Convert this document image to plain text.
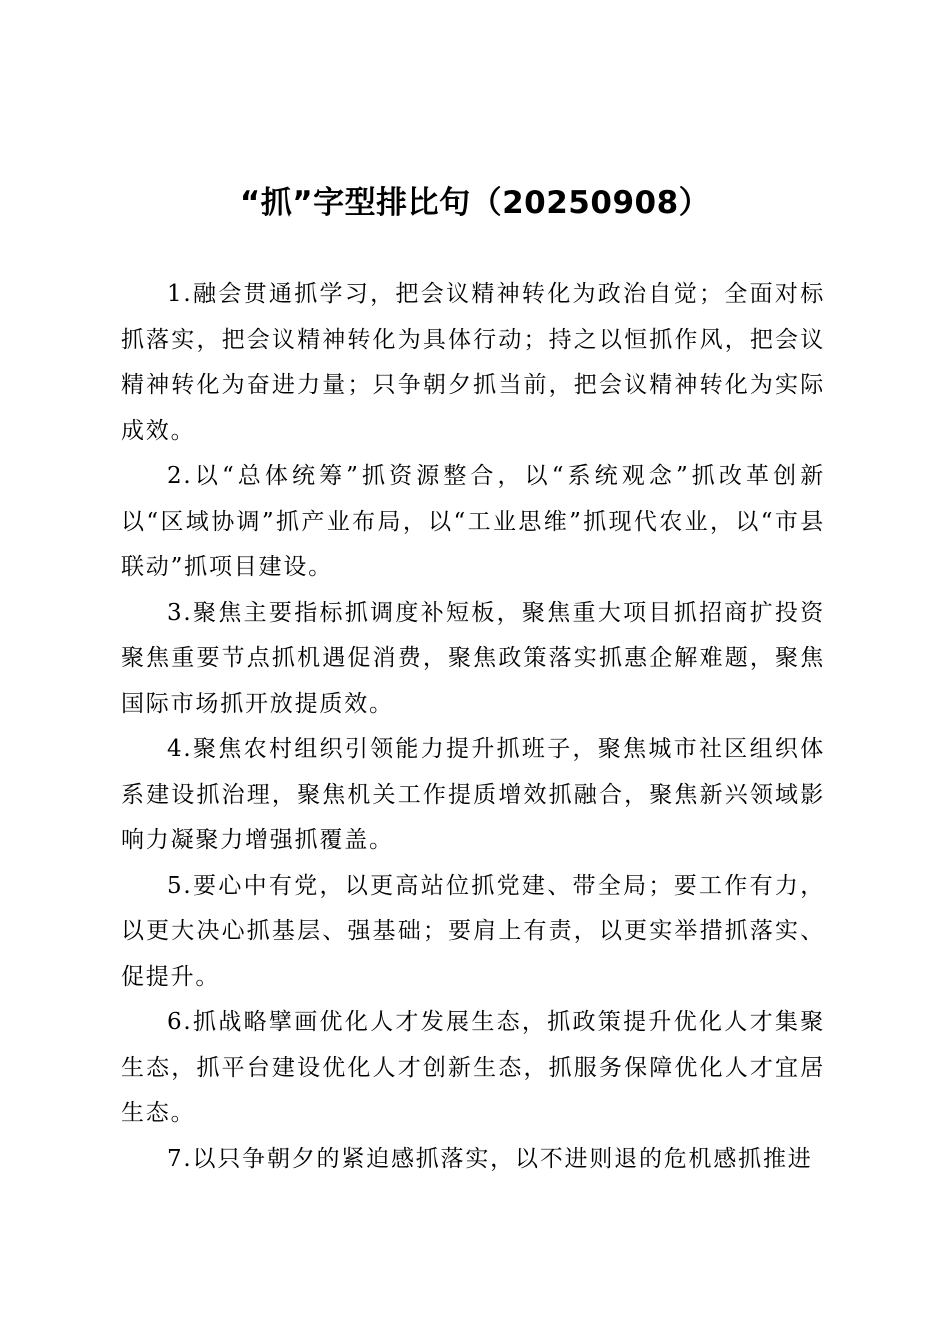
“抓”字型排比句（20250908）

1.融会贯通抓学习，把会议精神转化为政治自觉；全面对标抓落实，把会议精神转化为具体行动；持之以恒抓作风，把会议精神转化为奋进力量；只争朝夕抓当前，把会议精神转化为实际成效。

2.以“总体统筹”抓资源整合，以“系统观念”抓改革创新以“区域协调”抓产业布局，以“工业思维”抓现代农业，以“市县联动”抓项目建设。

3.聚焦主要指标抓调度补短板，聚焦重大项目抓招商扩投资聚焦重要节点抓机遇促消费，聚焦政策落实抓惠企解难题，聚焦国际市场抓开放提质效。

4.聚焦农村组织引领能力提升抓班子，聚焦城市社区组织体系建设抓治理，聚焦机关工作提质增效抓融合，聚焦新兴领域影响力凝聚力增强抓覆盖。

5.要心中有党，以更高站位抓党建、带全局；要工作有力，以更大决心抓基层、强基础；要肩上有责，以更实举措抓落实、促提升。

6.抓战略擘画优化人才发展生态，抓政策提升优化人才集聚生态，抓平台建设优化人才创新生态，抓服务保障优化人才宜居生态。

7.以只争朝夕的紧迫感抓落实，以不进则退的危机感抓推进
